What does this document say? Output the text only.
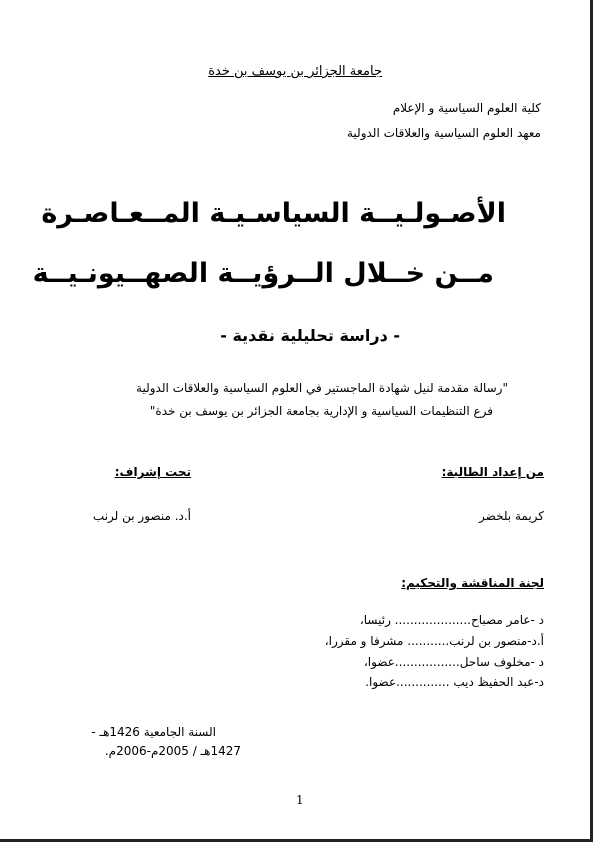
جامعة الجزائر بن يوسف بن خدة
كلية العلوم السياسية و الإعلام
معهد العلوم السياسية والعلاقات الدولية
الأصـولـيــة السياسـيـة المــعـاصـرة
مــن خــلال الــرؤيــة الصهــيونـيــة
- دراسة تحليلية نقدية -
"رسالة مقدمة لنيل شهادة الماجستير في العلوم السياسية والعلاقات الدولية
فرع التنظيمات السياسية و الإدارية بجامعة الجزائر بن يوسف بن خدة"
من إعداد الطالبة:
كريمة بلخضر
تحت إشراف:
أ.د. منصور بن لرنب
لجنة المناقشة والتحكيم:
د -عامر مصباح.................... رئيسا،
أ.د-منصور بن لرنب........... مشرفا و مقررا،
د -مخلوف ساحل.................عضوا،
د-عبد الحفيظ ديب ..............عضوا.
السنة الجامعية 1426هـ -
1427هـ / 2005م-2006م.
1
